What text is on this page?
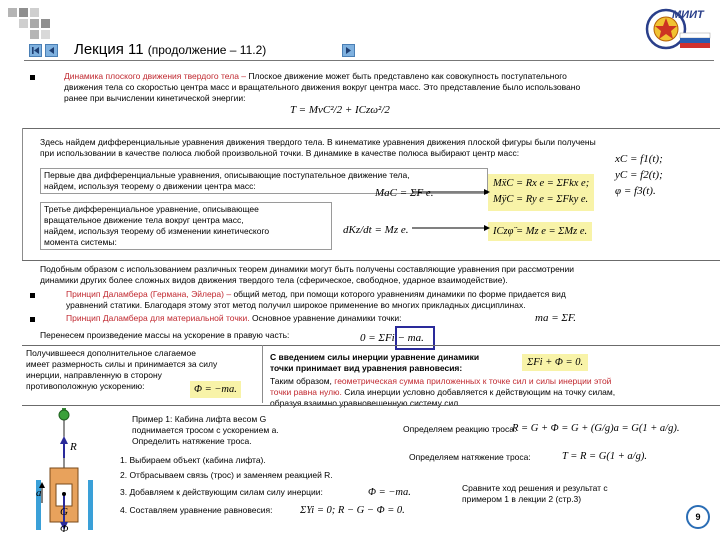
Лекция 11 (продолжение – 11.2)
МИИТ
Динамика плоского движения твердого тела – Плоское движение может быть представлено как совокупность поступательного
движения тела со скоростью центра масс и вращательного движения вокруг центра масс. Это представление было использовано
ранее при вычислении кинетической энергии:
T = MvC²/2 + ICzω²/2
Здесь найдем дифференциальные уравнения движения твердого тела. В кинематике уравнения движения плоской фигуры были получены
при использовании в качестве полюса любой произвольной точки. В динамике в качестве полюса выбирают центр масс:
xC = f1(t);
yC = f2(t);
φ = f3(t).
Первые два дифференциальные уравнения, описывающие поступательное движение тела,
найдем, используя теорему о движении центра масс:
MaC = ΣF e.
MẍC = Rx e = ΣFkx e;
MÿC = Ry e = ΣFky e.
Третье дифференциальное уравнение, описывающее
вращательное движение тела вокруг центра масс,
найдем, используя теорему об изменении кинетического
момента системы:
dKz/dt = Mz e.	ICzφ̈ = Mz e = ΣMz e.
Подобным образом с использованием различных теорем динамики могут быть получены составляющие уравнения при рассмотрении
динамики других более сложных видов движения твердого тела (сферическое, свободное, ударное взаимодействие).
Принцип Даламбера (Германа, Эйлера) – общий метод, при помощи которого уравнениям динамики по форме придается вид
уравнений статики. Благодаря этому этот метод получил широкое применение во многих прикладных дисциплинах.
Принцип Даламбера для материальной точки. Основное уравнение динамики точки:	ma = ΣF.
Перенесем произведение массы на ускорение в правую часть:	0 = ΣFi − ma.
Получившееся дополнительное слагаемое
имеет размерность силы и принимается за силу
инерции, направленную в сторону
противоположную ускорению:	Φ = −ma.
С введением силы инерции уравнение динамики
точки принимает вид уравнения равновесия:	ΣFi + Φ = 0.
Таким образом, геометрическая сумма приложенных к точке сил и силы инерции этой
точки равна нулю. Сила инерции условно добавляется к действующим на точку силам,
образуя взаимно уравновешенную систему сил.
R
a
G
Φ
Пример 1: Кабина лифта весом G
поднимается тросом с ускорением a.
Определить натяжение троса.
1. Выбираем объект (кабина лифта).
2. Отбрасываем связь (трос) и заменяем реакцией R.
3. Добавляем к действующим силам силу инерции:	Φ = −ma.
4. Составляем уравнение равновесия:	ΣYi = 0; R − G − Φ = 0.
Определяем реакцию троса:
R = G + Φ = G + (G/g)a = G(1 + a/g).
Определяем натяжение троса:	T = R = G(1 + a/g).
Сравните ход решения и результат с
примером 1 в лекции 2 (стр.3)
9
